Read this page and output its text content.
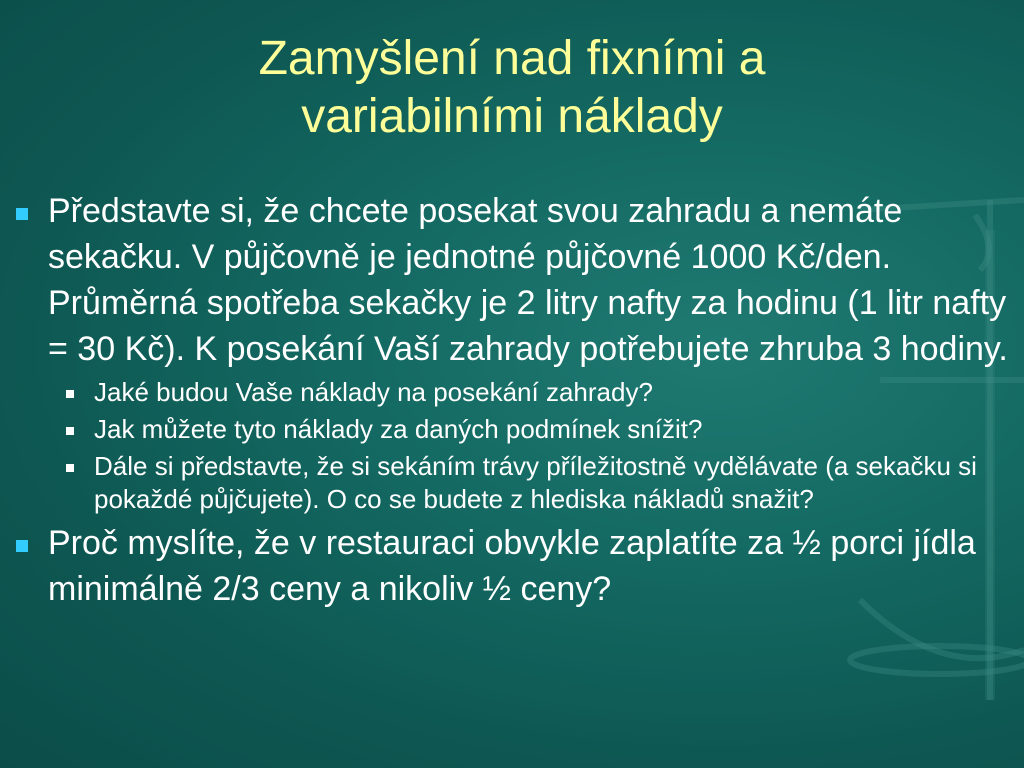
Zamyšlení nad fixními a
variabilními náklady
Představte si, že chcete posekat svou zahradu a nemáte sekačku. V půjčovně je jednotné půjčovné 1000 Kč/den. Průměrná spotřeba sekačky je 2 litry nafty za hodinu (1 litr nafty = 30 Kč). K posekání Vaší zahrady potřebujete zhruba 3 hodiny.
Jaké budou Vaše náklady na posekání zahrady?
Jak můžete tyto náklady za daných podmínek snížit?
Dále si představte, že si sekáním trávy příležitostně vydělávate (a sekačku si pokaždé půjčujete). O co se budete z hlediska nákladů snažit?
Proč myslíte, že v restauraci obvykle zaplatíte za ½ porci jídla minimálně 2/3 ceny a nikoliv ½ ceny?
